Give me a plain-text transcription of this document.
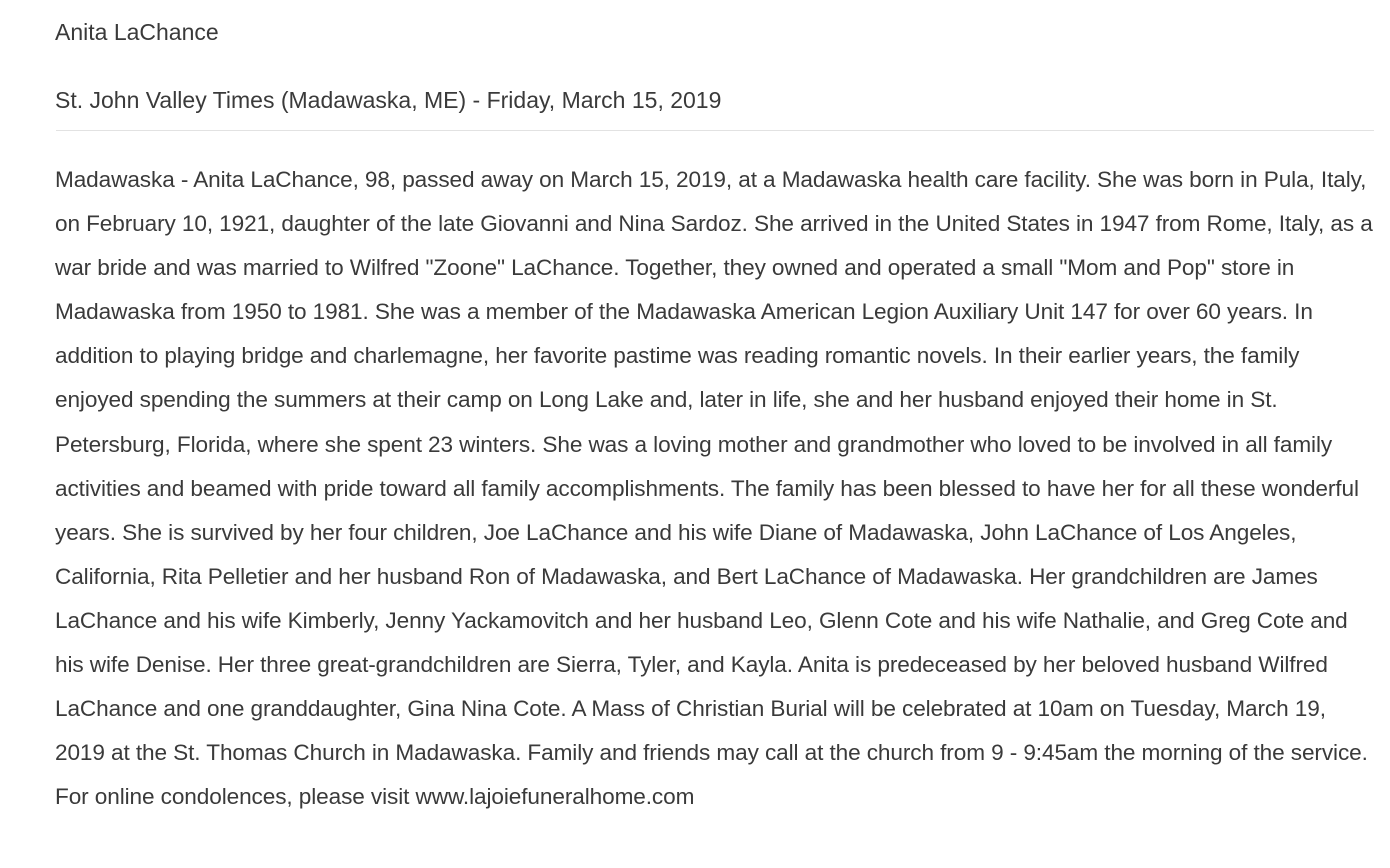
Anita LaChance

St. John Valley Times (Madawaska, ME) - Friday, March 15, 2019

Madawaska - Anita LaChance, 98, passed away on March 15, 2019, at a Madawaska health care facility. She was born in Pula, Italy, on February 10, 1921, daughter of the late Giovanni and Nina Sardoz. She arrived in the United States in 1947 from Rome, Italy, as a war bride and was married to Wilfred "Zoone" LaChance. Together, they owned and operated a small "Mom and Pop" store in Madawaska from 1950 to 1981. She was a member of the Madawaska American Legion Auxiliary Unit 147 for over 60 years. In addition to playing bridge and charlemagne, her favorite pastime was reading romantic novels. In their earlier years, the family enjoyed spending the summers at their camp on Long Lake and, later in life, she and her husband enjoyed their home in St. Petersburg, Florida, where she spent 23 winters. She was a loving mother and grandmother who loved to be involved in all family activities and beamed with pride toward all family accomplishments. The family has been blessed to have her for all these wonderful years. She is survived by her four children, Joe LaChance and his wife Diane of Madawaska, John LaChance of Los Angeles, California, Rita Pelletier and her husband Ron of Madawaska, and Bert LaChance of Madawaska. Her grandchildren are James LaChance and his wife Kimberly, Jenny Yackamovitch and her husband Leo, Glenn Cote and his wife Nathalie, and Greg Cote and his wife Denise. Her three great-grandchildren are Sierra, Tyler, and Kayla. Anita is predeceased by her beloved husband Wilfred LaChance and one granddaughter, Gina Nina Cote. A Mass of Christian Burial will be celebrated at 10am on Tuesday, March 19, 2019 at the St. Thomas Church in Madawaska. Family and friends may call at the church from 9 - 9:45am the morning of the service. For online condolences, please visit www.lajoiefuneralhome.com
